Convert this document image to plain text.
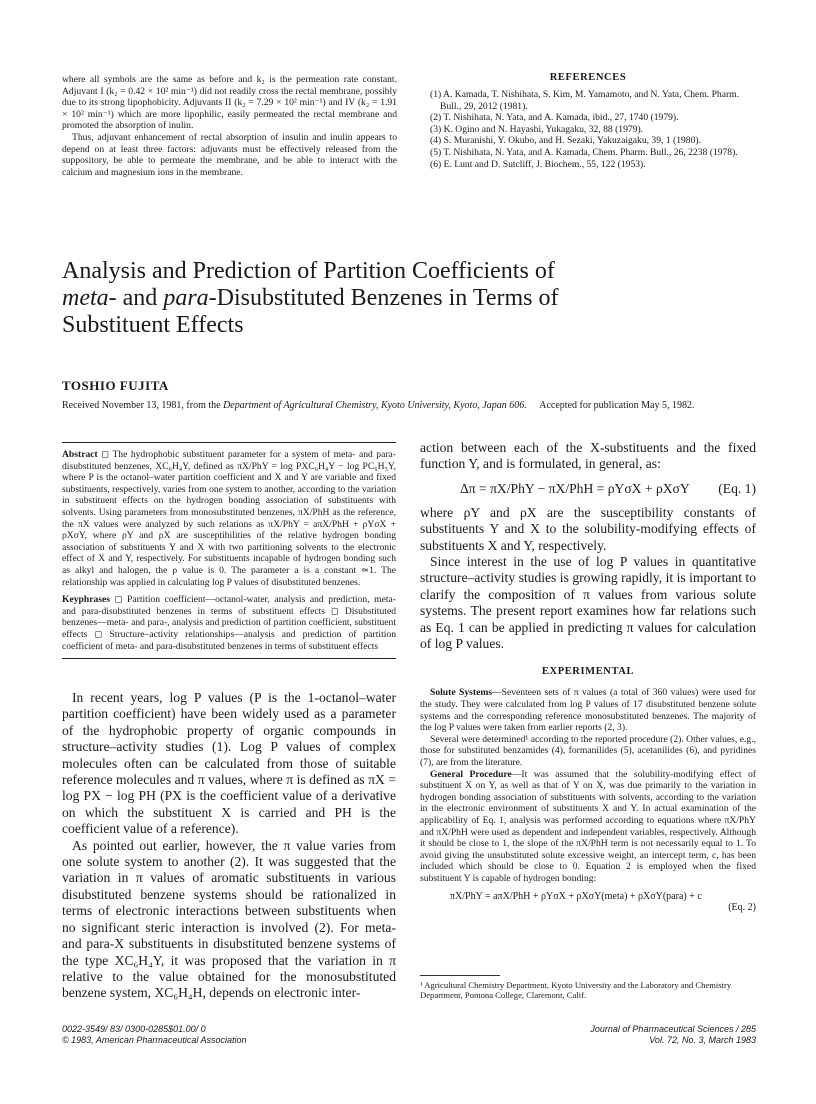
where all symbols are the same as before and k₂ is the permeation rate constant. Adjuvant I (k₂ = 0.42 × 10² min⁻¹) did not readily cross the rectal membrane, possibly due to its strong lipophobicity. Adjuvants II (k₂ = 7.29 × 10² min⁻¹) and IV (k₂ = 1.91 × 10² min⁻¹) which are more lipophilic, easily permeated the rectal membrane and promoted the absorption of inulin.

Thus, adjuvant enhancement of rectal absorption of insulin and inulin appears to depend on at least three factors: adjuvants must be effectively released from the suppository, be able to permeate the membrane, and be able to interact with the calcium and magnesium ions in the membrane.

REFERENCES

(1) A. Kamada, T. Nishihata, S. Kim, M. Yamamoto, and N. Yata, Chem. Pharm. Bull., 29, 2012 (1981).

(2) T. Nishihata, N. Yata, and A. Kamada, ibid., 27, 1740 (1979).

(3) K. Ogino and N. Hayashi, Yukagaku, 32, 88 (1979).

(4) S. Muranishi, Y. Okubo, and H. Sezaki, Yakuzaigaku, 39, 1 (1980).

(5) T. Nishihata, N. Yata, and A. Kamada, Chem. Pharm. Bull., 26, 2238 (1978).

(6) E. Lunt and D. Sutcliff, J. Biochem., 55, 122 (1953).

Analysis and Prediction of Partition Coefficients of
meta- and para-Disubstituted Benzenes in Terms of
Substituent Effects
TOSHIO FUJITA
Received November 13, 1981, from the Department of Agricultural Chemistry, Kyoto University, Kyoto, Japan 606. Accepted for publication May 5, 1982.

Abstract ◻ The hydrophobic substituent parameter for a system of meta- and para-disubstituted benzenes, XC₆H₄Y, defined as πX/PhY = log PXC₆H₄Y − log PC₆H₅Y, where P is the octanol–water partition coefficient and X and Y are variable and fixed substituents, respectively, varies from one system to another, according to the variation in substituent effects on the hydrogen bonding association of substituents with solvents. Using parameters from monosubstituted benzenes, πX/PhH as the reference, the πX values were analyzed by such relations as πX/PhY = aπX/PhH + ρYσX + ρXσY, where ρY and ρX are susceptibilities of the relative hydrogen bonding association of substituents Y and X with two partitioning solvents to the electronic effect of X and Y, respectively. For substituents incapable of hydrogen bonding such as alkyl and halogen, the ρ value is 0. The parameter a is a constant ≃1. The relationship was applied in calculating log P values of disubstituted benzenes.

Keyphrases ◻ Partition coefficient—octanol-water, analysis and prediction, meta- and para-disubstituted benzenes in terms of substituent effects ◻ Disubstituted benzenes—meta- and para-, analysis and prediction of partition coefficient, substituent effects ◻ Structure–activity relationships—analysis and prediction of partition coefficient of meta- and para-disubstituted benzenes in terms of substituent effects

In recent years, log P values (P is the 1-octanol–water partition coefficient) have been widely used as a parameter of the hydrophobic property of organic compounds in structure–activity studies (1). Log P values of complex molecules often can be calculated from those of suitable reference molecules and π values, where π is defined as πX = log PX − log PH (PX is the coefficient value of a derivative on which the substituent X is carried and PH is the coefficient value of a reference).

As pointed out earlier, however, the π value varies from one solute system to another (2). It was suggested that the variation in π values of aromatic substituents in various disubstituted benzene systems should be rationalized in terms of electronic interactions between substituents when no significant steric interaction is involved (2). For meta- and para-X substituents in disubstituted benzene systems of the type XC₆H₄Y, it was proposed that the variation in π relative to the value obtained for the monosubstituted benzene system, XC₆H₄H, depends on electronic inter-

action between each of the X-substituents and the fixed function Y, and is formulated, in general, as:

Δπ = πX/PhY − πX/PhH = ρYσX + ρXσY (Eq. 1)

where ρY and ρX are the susceptibility constants of substituents Y and X to the solubility-modifying effects of substituents X and Y, respectively.

Since interest in the use of log P values in quantitative structure–activity studies is growing rapidly, it is important to clarify the composition of π values from various solute systems. The present report examines how far relations such as Eq. 1 can be applied in predicting π values for calculation of log P values.

EXPERIMENTAL

Solute Systems—Seventeen sets of π values (a total of 360 values) were used for the study. They were calculated from log P values of 17 disubstituted benzene solute systems and the corresponding reference monosubstituted benzenes. The majority of the log P values were taken from earlier reports (2, 3).

Several were determined¹ according to the reported procedure (2). Other values, e.g., those for substituted benzamides (4), formanilides (5), acetanilides (6), and pyridines (7), are from the literature.

General Procedure—It was assumed that the solubility-modifying effect of substituent X on Y, as well as that of Y on X, was due primarily to the variation in hydrogen bonding association of substituents with solvents, according to the variation in the electronic environment of substituents X and Y. In actual examination of the applicability of Eq. 1, analysis was performed according to equations where πX/PhY and πX/PhH were used as dependent and independent variables, respectively. Although it should be close to 1, the slope of the πX/PhH term is not necessarily equal to 1. To avoid giving the unsubstituted solute excessive weight, an intercept term, c, has been included which should be close to 0. Equation 2 is employed when the fixed substituent Y is capable of hydrogen bonding:

πX/PhY = aπX/PhH + ρYσX + ρXσY(meta) + ρXσY(para) + c
(Eq. 2)
¹ Agricultural Chemistry Department, Kyoto University and the Laboratory and Chemistry Department, Pomona College, Claremont, Calif.
0022-3549/ 83/ 0300-0285$01.00/ 0
© 1983, American Pharmaceutical Association
Journal of Pharmaceutical Sciences / 285
Vol. 72, No. 3, March 1983
